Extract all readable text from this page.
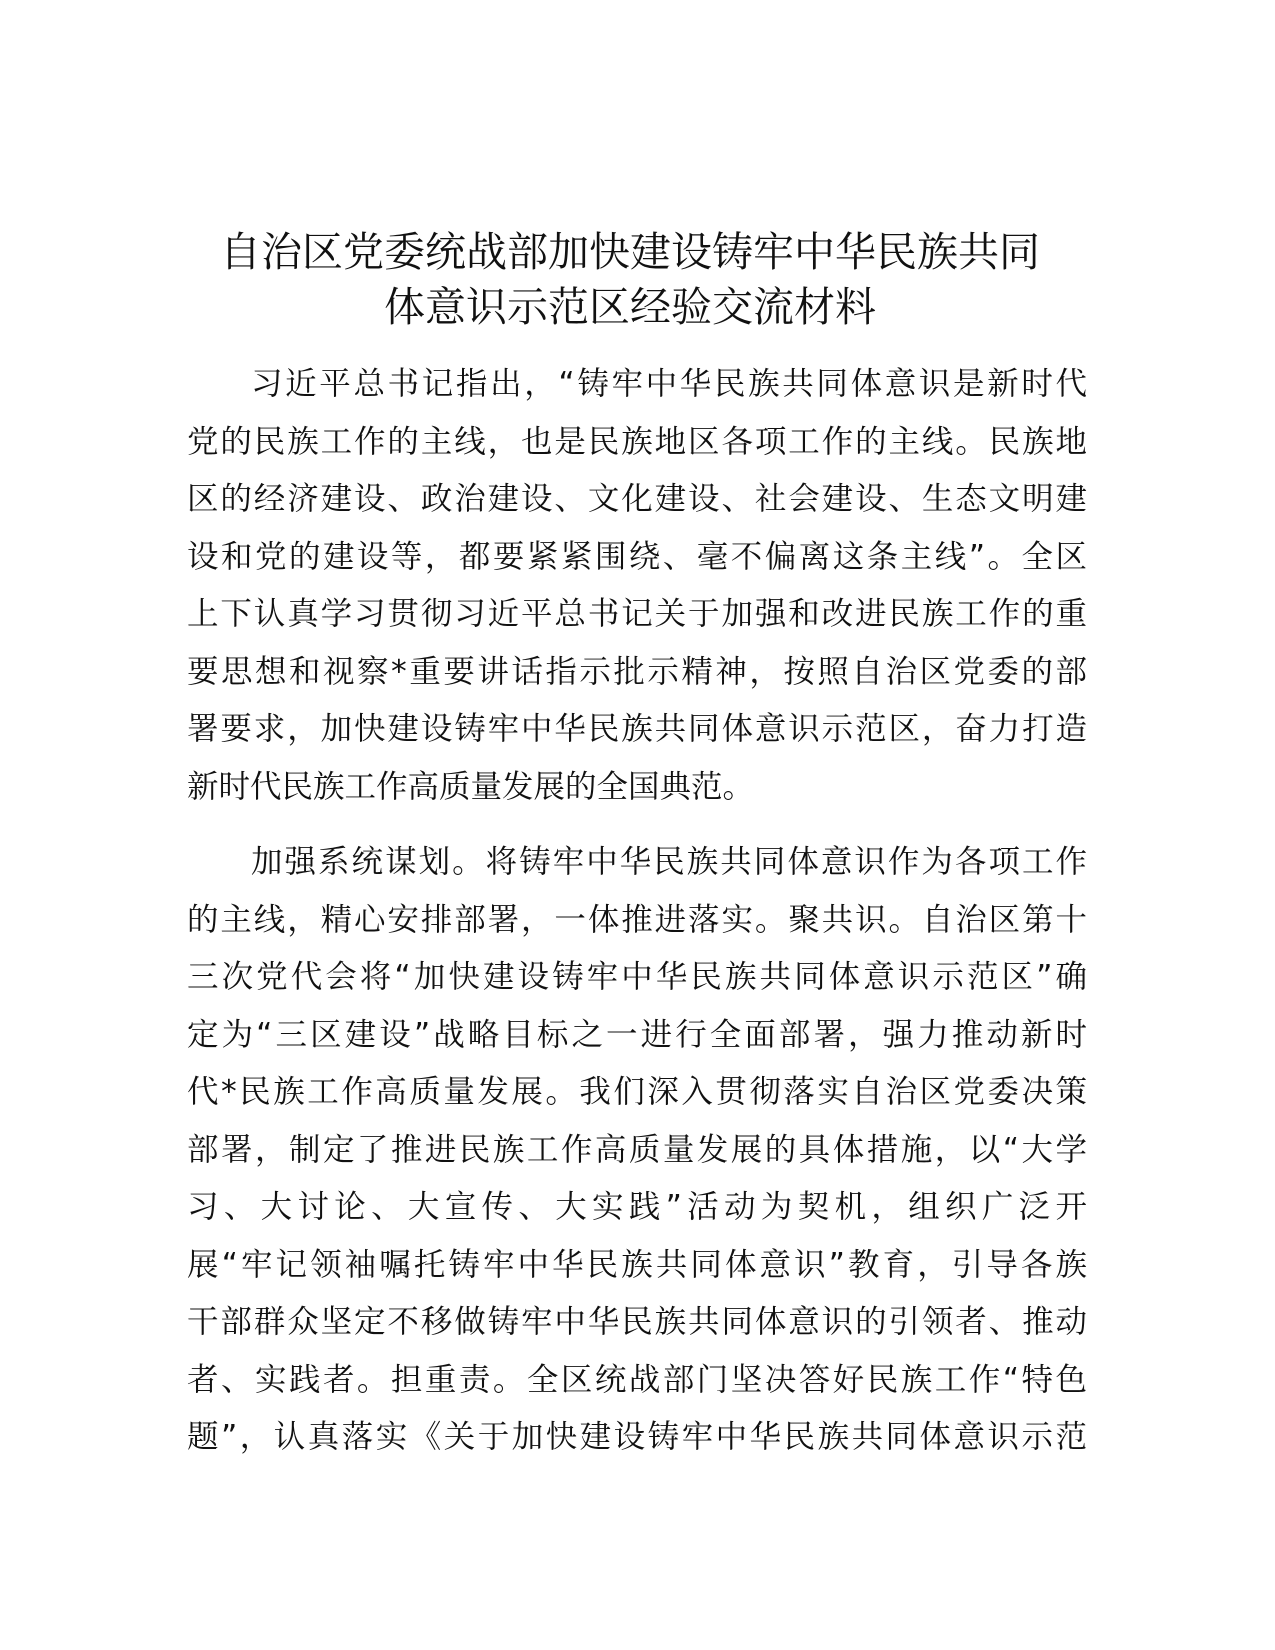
自治区党委统战部加快建设铸牢中华民族共同
体意识示范区经验交流材料

习近平总书记指出，“铸牢中华民族共同体意识是新时代
党的民族工作的主线，也是民族地区各项工作的主线。民族地
区的经济建设、政治建设、文化建设、社会建设、生态文明建
设和党的建设等，都要紧紧围绕、毫不偏离这条主线”。全区
上下认真学习贯彻习近平总书记关于加强和改进民族工作的重
要思想和视察*重要讲话指示批示精神，按照自治区党委的部
署要求，加快建设铸牢中华民族共同体意识示范区，奋力打造
新时代民族工作高质量发展的全国典范。

加强系统谋划。将铸牢中华民族共同体意识作为各项工作
的主线，精心安排部署，一体推进落实。聚共识。自治区第十
三次党代会将“加快建设铸牢中华民族共同体意识示范区”确
定为“三区建设”战略目标之一进行全面部署，强力推动新时
代*民族工作高质量发展。我们深入贯彻落实自治区党委决策
部署，制定了推进民族工作高质量发展的具体措施，以“大学
习、大讨论、大宣传、大实践”活动为契机，组织广泛开
展“牢记领袖嘱托铸牢中华民族共同体意识”教育，引导各族
干部群众坚定不移做铸牢中华民族共同体意识的引领者、推动
者、实践者。担重责。全区统战部门坚决答好民族工作“特色
题”，认真落实《关于加快建设铸牢中华民族共同体意识示范
